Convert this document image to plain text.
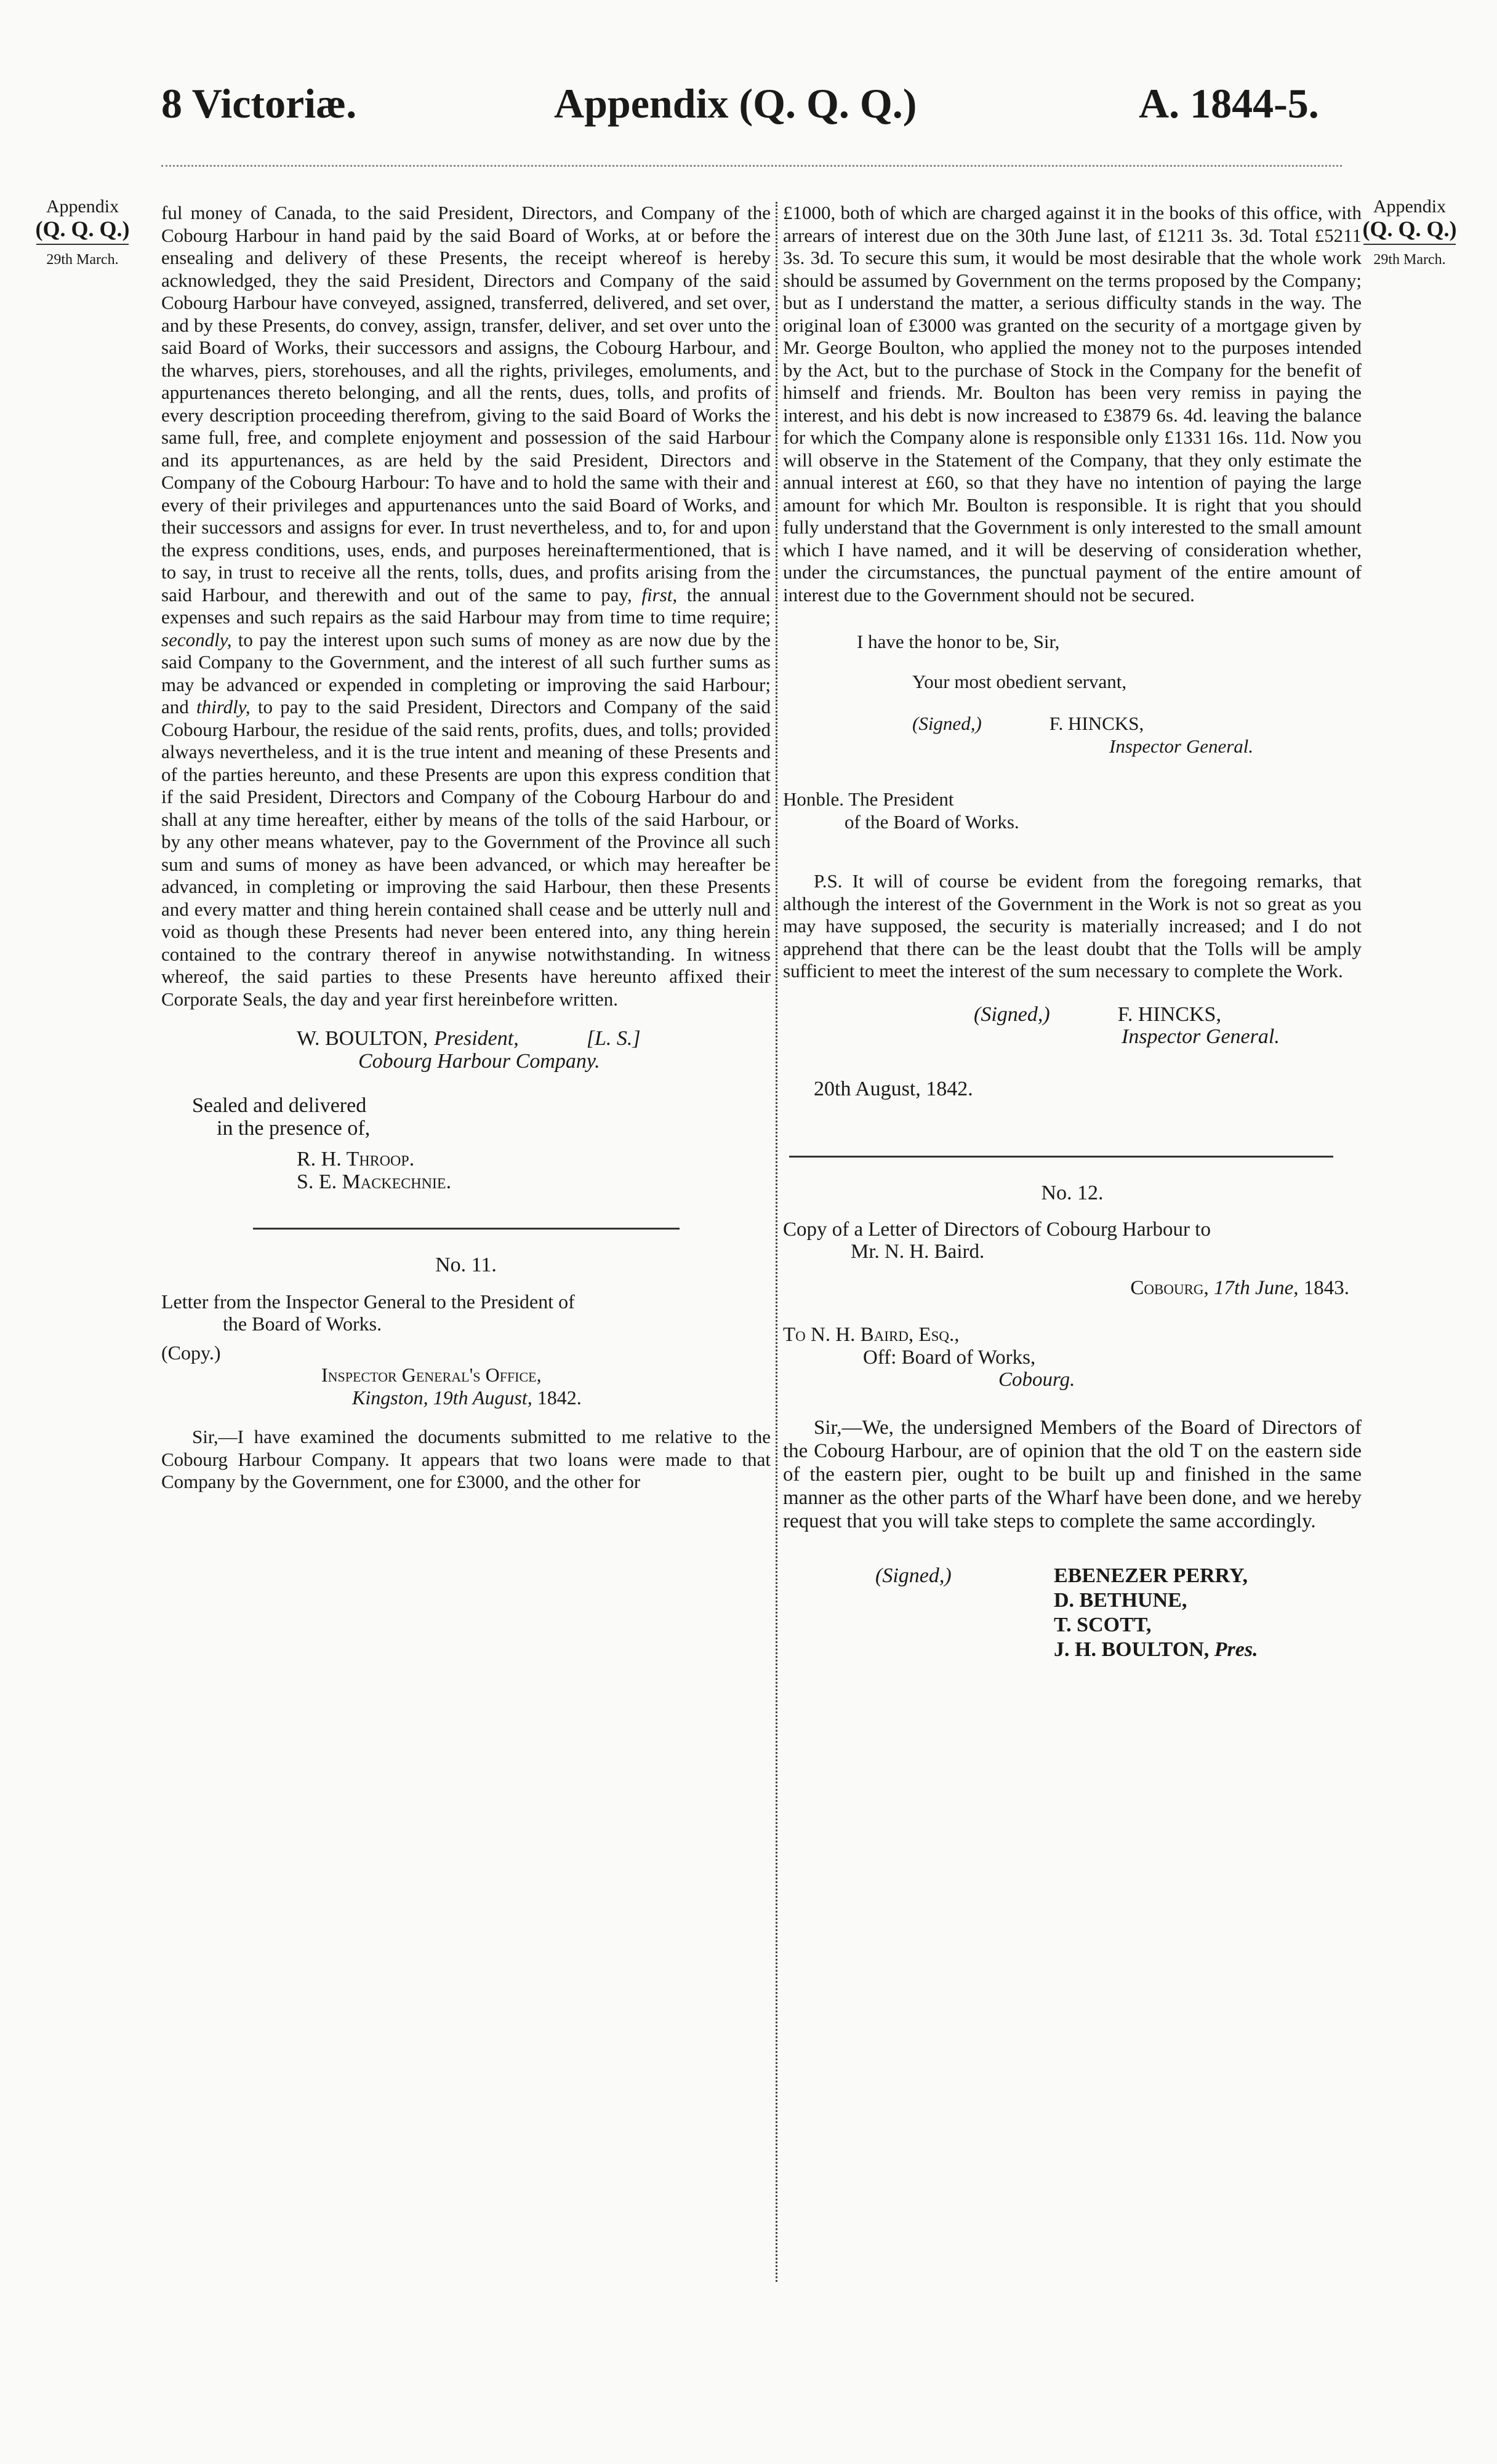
8 Victoriæ.	Appendix (Q. Q. Q.)	A. 1844-5.
Appendix
(Q. Q. Q.)
29th March.
Appendix
(Q. Q. Q.)
29th March.

ful money of Canada, to the said President, Directors, and Company of the Cobourg Harbour in hand paid by the said Board of Works, at or before the ensealing and delivery of these Presents, the receipt whereof is hereby acknowledged, they the said President, Directors and Company of the said Cobourg Harbour have conveyed, assigned, transferred, delivered, and set over, and by these Presents, do convey, assign, transfer, deliver, and set over unto the said Board of Works, their successors and assigns, the Cobourg Harbour, and the wharves, piers, storehouses, and all the rights, privileges, emoluments, and appurtenances thereto belonging, and all the rents, dues, tolls, and profits of every description proceeding therefrom, giving to the said Board of Works the same full, free, and complete enjoyment and possession of the said Harbour and its appurtenances, as are held by the said President, Directors and Company of the Cobourg Harbour: To have and to hold the same with their and every of their privileges and appurtenances unto the said Board of Works, and their successors and assigns for ever. In trust nevertheless, and to, for and upon the express conditions, uses, ends, and purposes hereinaftermentioned, that is to say, in trust to receive all the rents, tolls, dues, and profits arising from the said Harbour, and therewith and out of the same to pay, first, the annual expenses and such repairs as the said Harbour may from time to time require; secondly, to pay the interest upon such sums of money as are now due by the said Company to the Government, and the interest of all such further sums as may be advanced or expended in completing or improving the said Harbour; and thirdly, to pay to the said President, Directors and Company of the said Cobourg Harbour, the residue of the said rents, profits, dues, and tolls; provided always nevertheless, and it is the true intent and meaning of these Presents and of the parties hereunto, and these Presents are upon this express condition that if the said President, Directors and Company of the Cobourg Harbour do and shall at any time hereafter, either by means of the tolls of the said Harbour, or by any other means whatever, pay to the Government of the Province all such sum and sums of money as have been advanced, or which may hereafter be advanced, in completing or improving the said Harbour, then these Presents and every matter and thing herein contained shall cease and be utterly null and void as though these Presents had never been entered into, any thing herein contained to the contrary thereof in anywise notwithstanding. In witness whereof, the said parties to these Presents have hereunto affixed their Corporate Seals, the day and year first hereinbefore written.

W. BOULTON, President,	[L. S.]
Cobourg Harbour Company.
Sealed and delivered
in the presence of,
R. H. Throop.
S. E. Mackechnie.
No. 11.
Letter from the Inspector General to the President of
the Board of Works.
(Copy.)
Inspector General's Office,
Kingston, 19th August, 1842.

Sir,—I have examined the documents submitted to me relative to the Cobourg Harbour Company. It appears that two loans were made to that Company by the Government, one for £3000, and the other for

£1000, both of which are charged against it in the books of this office, with arrears of interest due on the 30th June last, of £1211 3s. 3d. Total £5211 3s. 3d. To secure this sum, it would be most desirable that the whole work should be assumed by Government on the terms proposed by the Company; but as I understand the matter, a serious difficulty stands in the way. The original loan of £3000 was granted on the security of a mortgage given by Mr. George Boulton, who applied the money not to the purposes intended by the Act, but to the purchase of Stock in the Company for the benefit of himself and friends. Mr. Boulton has been very remiss in paying the interest, and his debt is now increased to £3879 6s. 4d. leaving the balance for which the Company alone is responsible only £1331 16s. 11d. Now you will observe in the Statement of the Company, that they only estimate the annual interest at £60, so that they have no intention of paying the large amount for which Mr. Boulton is responsible. It is right that you should fully understand that the Government is only interested to the small amount which I have named, and it will be deserving of consideration whether, under the circumstances, the punctual payment of the entire amount of interest due to the Government should not be secured.

I have the honor to be, Sir,
Your most obedient servant,
(Signed,)	F. HINCKS,
Inspector General.
Honble. The President
of the Board of Works.

P.S. It will of course be evident from the foregoing remarks, that although the interest of the Government in the Work is not so great as you may have supposed, the security is materially increased; and I do not apprehend that there can be the least doubt that the Tolls will be amply sufficient to meet the interest of the sum necessary to complete the Work.

(Signed,)	F. HINCKS,
Inspector General.
20th August, 1842.
No. 12.
Copy of a Letter of Directors of Cobourg Harbour to
Mr. N. H. Baird.
Cobourg, 17th June, 1843.
To N. H. Baird, Esq.,
Off: Board of Works,
Cobourg.

Sir,—We, the undersigned Members of the Board of Directors of the Cobourg Harbour, are of opinion that the old T on the eastern side of the eastern pier, ought to be built up and finished in the same manner as the other parts of the Wharf have been done, and we hereby request that you will take steps to complete the same accordingly.

(Signed,)	EBENEZER PERRY,
D. BETHUNE,
T. SCOTT,
J. H. BOULTON, Pres.
